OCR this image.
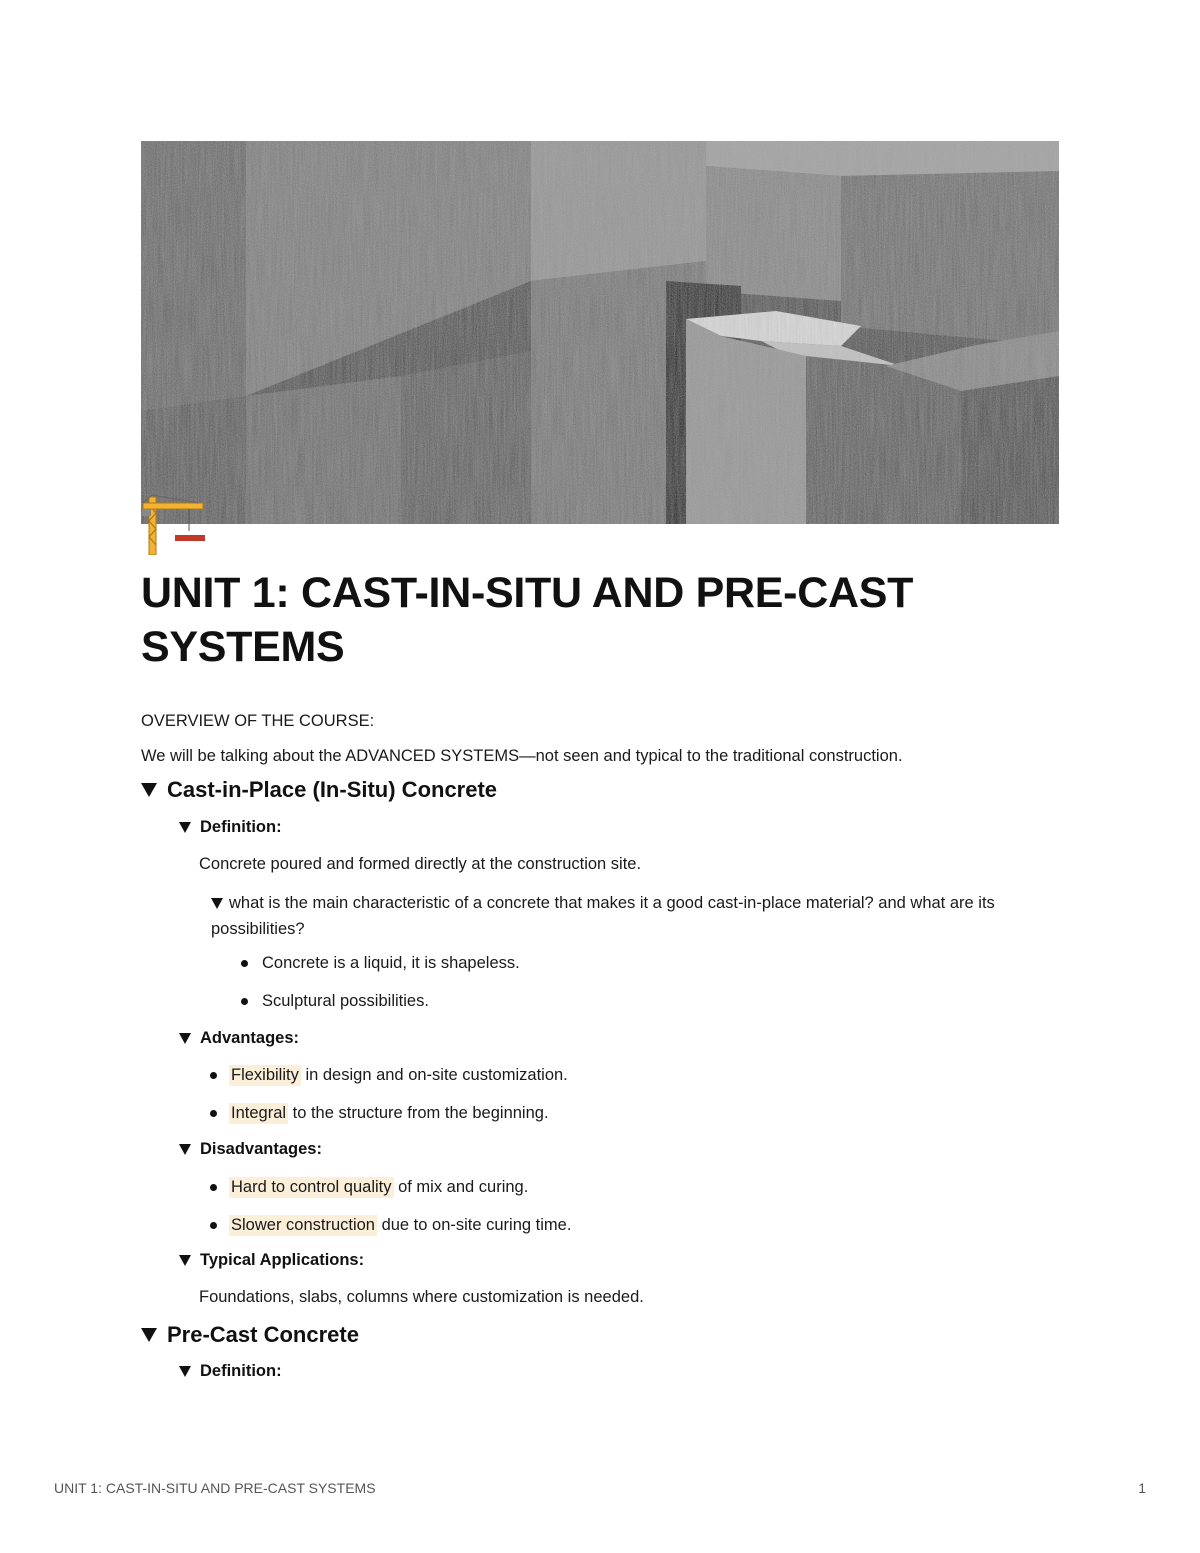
UNIT 1: CAST-IN-SITU AND PRE-CAST SYSTEMS

OVERVIEW OF THE COURSE:

We will be talking about the ADVANCED SYSTEMS—not seen and typical to the traditional construction.

Cast-in-Place (In-Situ) Concrete
Definition:

Concrete poured and formed directly at the construction site.

what is the main characteristic of a concrete that makes it a good cast-in-place material? and what are its possibilities?

Concrete is a liquid, it is shapeless.
Sculptural possibilities.
Advantages:
Flexibility in design and on-site customization.
Integral to the structure from the beginning.
Disadvantages:
Hard to control quality of mix and curing.
Slower construction due to on-site curing time.
Typical Applications:

Foundations, slabs, columns where customization is needed.

Pre-Cast Concrete
Definition:
UNIT 1: CAST-IN-SITU AND PRE-CAST SYSTEMS	1
